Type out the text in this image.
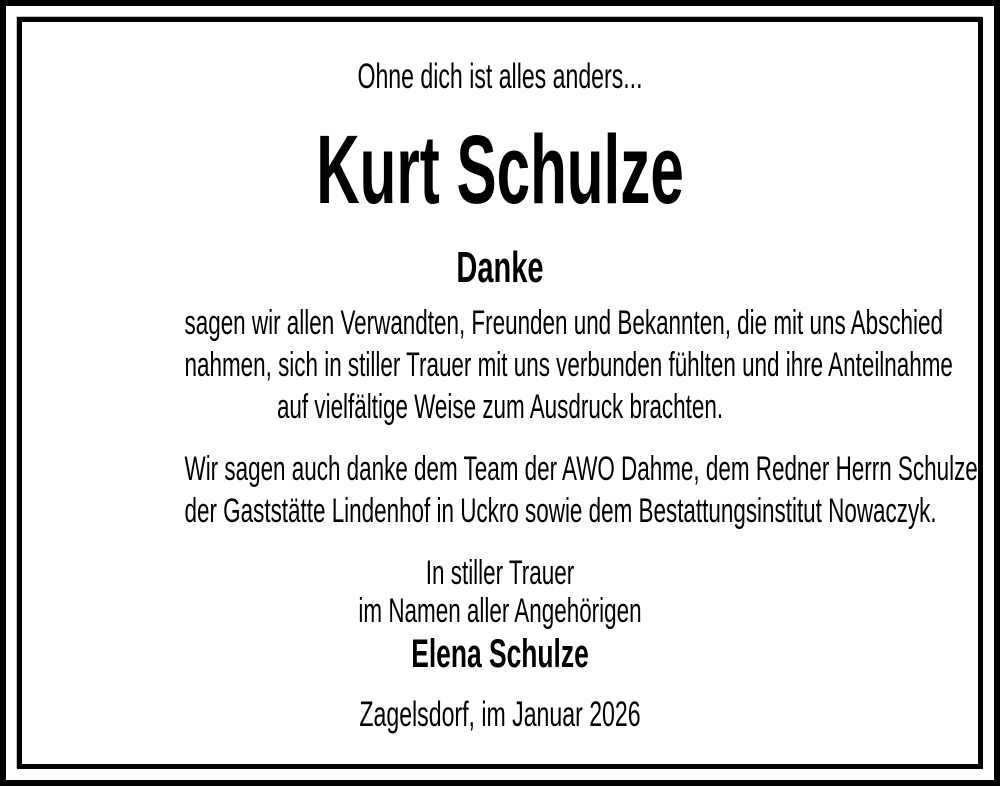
Ohne dich ist alles anders...
Kurt Schulze
Danke
sagen wir allen Verwandten, Freunden und Bekannten, die mit uns Abschied
nahmen, sich in stiller Trauer mit uns verbunden fühlten und ihre Anteilnahme
auf vielfältige Weise zum Ausdruck brachten.
Wir sagen auch danke dem Team der AWO Dahme, dem Redner Herrn Schulze,
der Gaststätte Lindenhof in Uckro sowie dem Bestattungsinstitut Nowaczyk.
In stiller Trauer
im Namen aller Angehörigen
Elena Schulze
Zagelsdorf, im Januar 2026
